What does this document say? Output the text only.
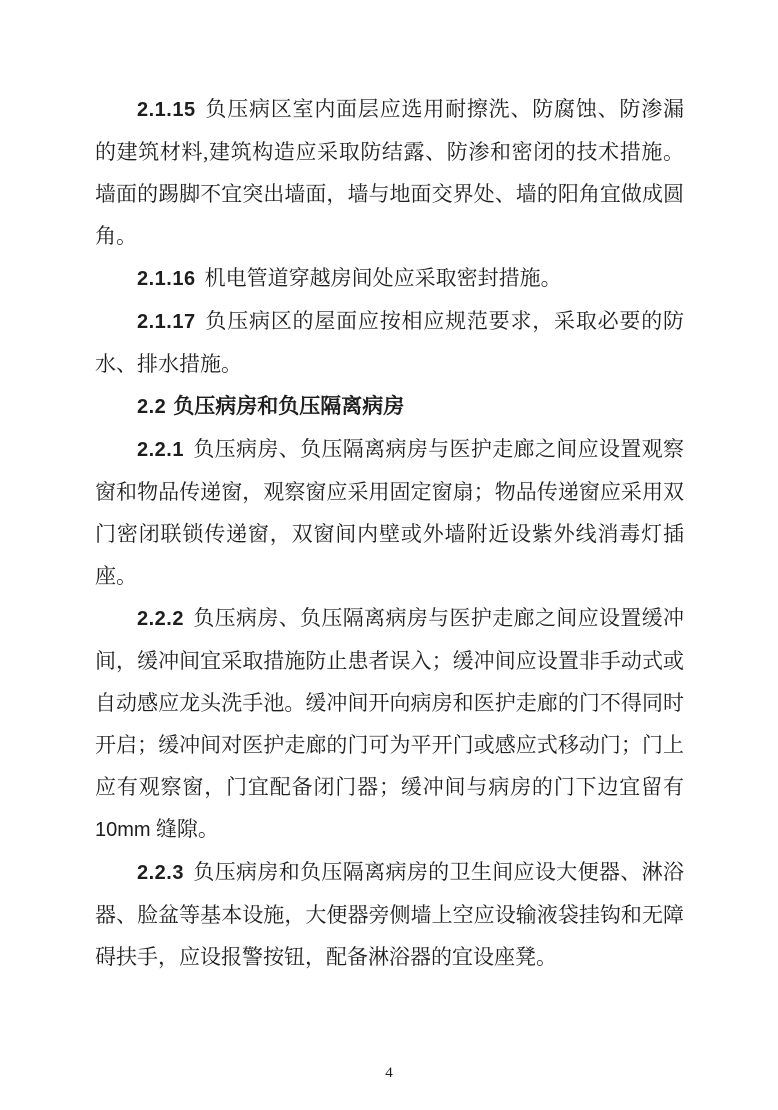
2.1.15 负压病区室内面层应选用耐擦洗、防腐蚀、防渗漏的建筑材料,建筑构造应采取防结露、防渗和密闭的技术措施。墙面的踢脚不宜突出墙面，墙与地面交界处、墙的阳角宜做成圆角。

2.1.16 机电管道穿越房间处应采取密封措施。

2.1.17 负压病区的屋面应按相应规范要求，采取必要的防水、排水措施。

2.2 负压病房和负压隔离病房

2.2.1 负压病房、负压隔离病房与医护走廊之间应设置观察窗和物品传递窗，观察窗应采用固定窗扇；物品传递窗应采用双门密闭联锁传递窗，双窗间内壁或外墙附近设紫外线消毒灯插座。

2.2.2 负压病房、负压隔离病房与医护走廊之间应设置缓冲间，缓冲间宜采取措施防止患者误入；缓冲间应设置非手动式或自动感应龙头洗手池。缓冲间开向病房和医护走廊的门不得同时开启；缓冲间对医护走廊的门可为平开门或感应式移动门；门上应有观察窗，门宜配备闭门器；缓冲间与病房的门下边宜留有 10mm 缝隙。

2.2.3 负压病房和负压隔离病房的卫生间应设大便器、淋浴器、脸盆等基本设施，大便器旁侧墙上空应设输液袋挂钩和无障碍扶手，应设报警按钮，配备淋浴器的宜设座凳。

4
